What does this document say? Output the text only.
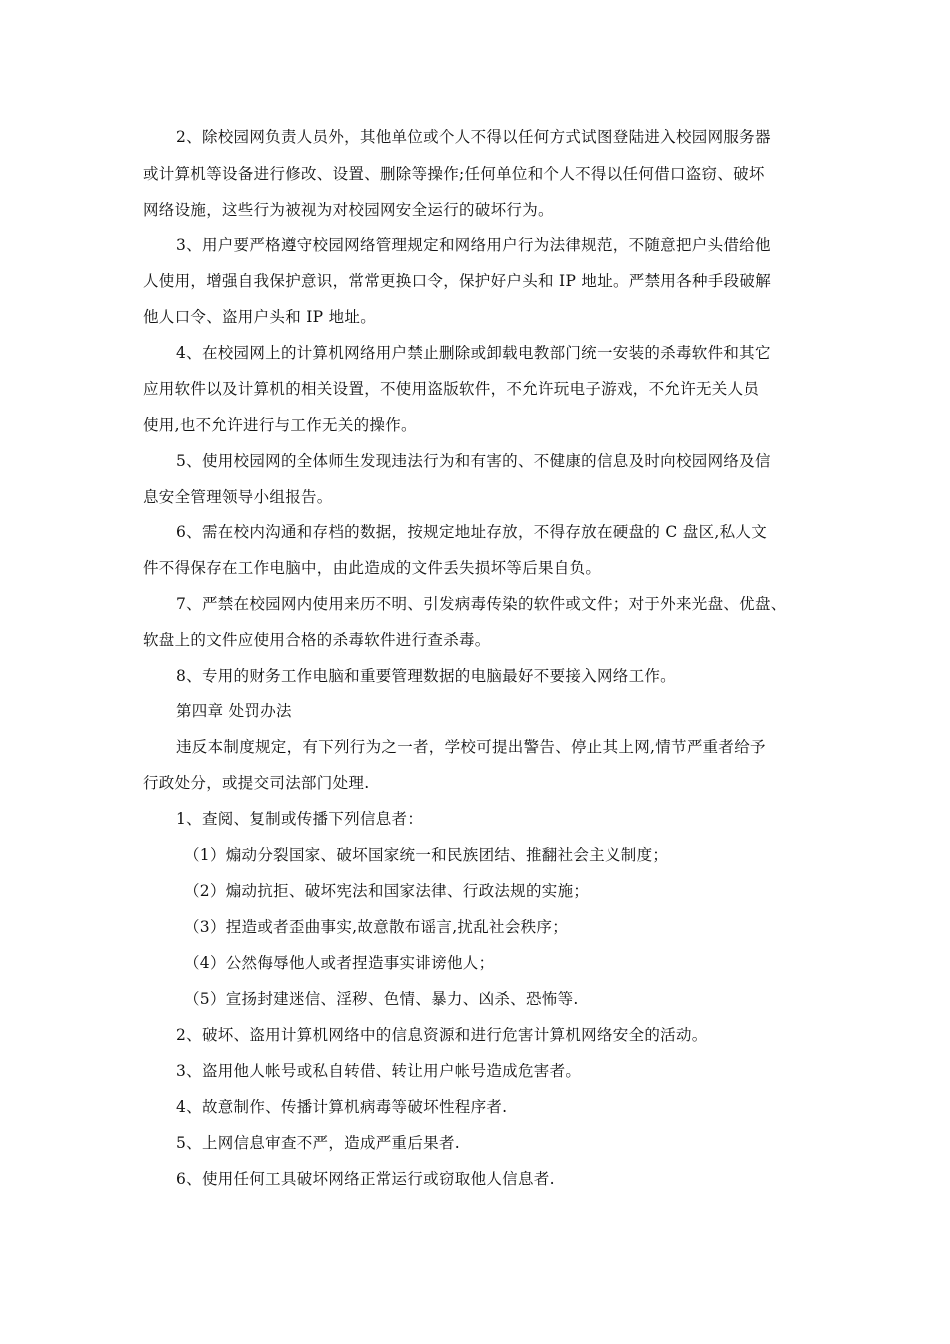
2、除校园网负责人员外，其他单位或个人不得以任何方式试图登陆进入校园网服务器
或计算机等设备进行修改、设置、删除等操作;任何单位和个人不得以任何借口盗窃、破坏
网络设施，这些行为被视为对校园网安全运行的破坏行为。
3、用户要严格遵守校园网络管理规定和网络用户行为法律规范，不随意把户头借给他
人使用，增强自我保护意识，常常更换口令，保护好户头和 IP 地址。严禁用各种手段破解
他人口令、盗用户头和 IP 地址。
4、在校园网上的计算机网络用户禁止删除或卸载电教部门统一安装的杀毒软件和其它
应用软件以及计算机的相关设置，不使用盗版软件，不允许玩电子游戏，不允许无关人员
使用,也不允许进行与工作无关的操作。
5、使用校园网的全体师生发现违法行为和有害的、不健康的信息及时向校园网络及信
息安全管理领导小组报告。
6、需在校内沟通和存档的数据，按规定地址存放，不得存放在硬盘的 C 盘区,私人文
件不得保存在工作电脑中，由此造成的文件丢失损坏等后果自负。
7、严禁在校园网内使用来历不明、引发病毒传染的软件或文件；对于外来光盘、优盘、
软盘上的文件应使用合格的杀毒软件进行查杀毒。
8、专用的财务工作电脑和重要管理数据的电脑最好不要接入网络工作。
第四章 处罚办法
违反本制度规定，有下列行为之一者，学校可提出警告、停止其上网,情节严重者给予
行政处分，或提交司法部门处理.
1、查阅、复制或传播下列信息者：
（1）煽动分裂国家、破坏国家统一和民族团结、推翻社会主义制度；
（2）煽动抗拒、破坏宪法和国家法律、行政法规的实施；
（3）捏造或者歪曲事实,故意散布谣言,扰乱社会秩序；
（4）公然侮辱他人或者捏造事实诽谤他人；
（5）宣扬封建迷信、淫秽、色情、暴力、凶杀、恐怖等.
2、破坏、盗用计算机网络中的信息资源和进行危害计算机网络安全的活动。
3、盗用他人帐号或私自转借、转让用户帐号造成危害者。
4、故意制作、传播计算机病毒等破坏性程序者.
5、上网信息审查不严，造成严重后果者.
6、使用任何工具破坏网络正常运行或窃取他人信息者.
